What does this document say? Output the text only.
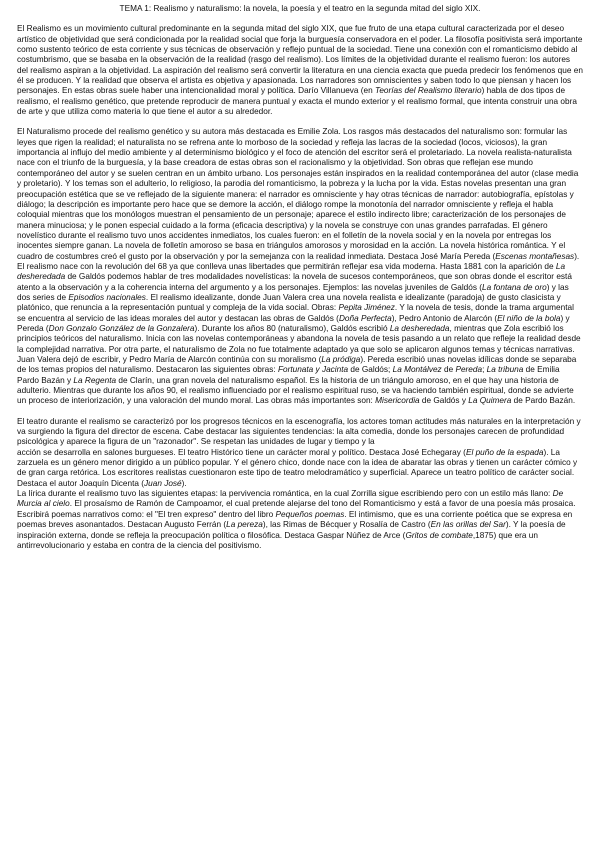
TEMA 1: Realismo y naturalismo: la novela, la poesía y el teatro en la segunda mitad del siglo XIX.
El Realismo es un movimiento cultural predominante en la segunda mitad del siglo XIX, que fue fruto de una etapa cultural caracterizada por el deseo artístico de objetividad que será condicionada por la realidad social que forja la burguesía conservadora en el poder. La filosofía positivista será importante como sustento teórico de esta corriente y sus técnicas de observación y reflejo puntual de la sociedad. Tiene una conexión con el romanticismo debido al costumbrismo, que se basaba en la observación de la realidad (rasgo del realismo). Los límites de la objetividad durante el realismo fueron: los autores del realismo aspiran a la objetividad. La aspiración del realismo será convertir la literatura en una ciencia exacta que pueda predecir los fenómenos que en él se producen. Y la realidad que observa el artista es objetiva y apasionada. Los narradores son omniscientes y saben todo lo que piensan y hacen los personajes. En estas obras suele haber una intencionalidad moral y política. Darío Villanueva (en Teorías del Realismo literario) habla de dos tipos de realismo, el realismo genético, que pretende reproducir de manera puntual y exacta el mundo exterior y el realismo formal, que intenta construir una obra de arte y que utiliza como materia lo que tiene el autor a su alrededor.
El Naturalismo procede del realismo genético y su autora más destacada es Emilie Zola. Los rasgos más destacados del naturalismo son: formular las leyes que rigen la realidad; el naturalista no se refrena ante lo morboso de la sociedad y refleja las lacras de la sociedad (locos, viciosos), la gran importancia al influjo del medio ambiente y al determinismo biológico y el foco de atención del escritor será el proletariado. La novela realista-naturalista nace con el triunfo de la burguesía, y la base creadora de estas obras son el racionalismo y la objetividad. Son obras que reflejan ese mundo contemporáneo del autor y se suelen centran en un ámbito urbano. Los personajes están inspirados en la realidad contemporánea del autor (clase media y proletario). Y los temas son el adulterio, lo religioso, la parodia del romanticismo, la pobreza y la lucha por la vida. Estas novelas presentan una gran preocupación estética que se ve reflejado de la siguiente manera: el narrador es omnisciente y hay otras técnicas de narrador: autobiografía, epístolas y diálogo; la descripción es importante pero hace que se demore la acción, el diálogo rompe la monotonía del narrador omnisciente y refleja el habla coloquial mientras que los monólogos muestran el pensamiento de un personaje; aparece el estilo indirecto libre; caracterización de los personajes de manera minuciosa; y le ponen especial cuidado a la forma (eficacia descriptiva) y la novela se construye con unas grandes parrafadas. El género novelístico durante el realismo tuvo unos accidentes inmediatos, los cuales fueron: en el folletín de la novela social y en la novela por entregas los inocentes siempre ganan. La novela de folletín amoroso se basa en triángulos amorosos y morosidad en la acción. La novela histórica romántica. Y el cuadro de costumbres creó el gusto por la observación y por la semejanza con la realidad inmediata. Destaca José María Pereda (Escenas montañesas). El realismo nace con la revolución del 68 ya que conlleva unas libertades que permitirán reflejar esa vida moderna. Hasta 1881 con la aparición de La desheredada de Galdós podemos hablar de tres modalidades novelísticas: la novela de sucesos contemporáneos, que son obras donde el escritor está atento a la observación y a la coherencia interna del argumento y a los personajes. Ejemplos: las novelas juveniles de Galdós (La fontana de oro) y las dos series de Episodios nacionales. El realismo idealizante, donde Juan Valera crea una novela realista e idealizante (paradoja) de gusto clasicista y platónico, que renuncia a la representación puntual y compleja de la vida social. Obras: Pepita Jiménez. Y la novela de tesis, donde la trama argumental se encuentra al servicio de las ideas morales del autor y destacan las obras de Galdós (Doña Perfecta), Pedro Antonio de Alarcón (El niño de la bola) y Pereda (Don Gonzalo González de la Gonzalera). Durante los años 80 (naturalismo), Galdós escribió La desheredada, mientras que Zola escribió los principios teóricos del naturalismo. Inicia con las novelas contemporáneas y abandona la novela de tesis pasando a un relato que refleje la realidad desde la complejidad narrativa. Por otra parte, el naturalismo de Zola no fue totalmente adaptado ya que solo se aplicaron algunos temas y técnicas narrativas. Juan Valera dejó de escribir, y Pedro María de Alarcón continúa con su moralismo (La pródiga). Pereda escribió unas novelas idílicas donde se separaba de los temas propios del naturalismo. Destacaron las siguientes obras: Fortunata y Jacinta de Galdós; La Montálvez de Pereda; La tribuna de Emilia Pardo Bazán y La Regenta de Clarín, una gran novela del naturalismo español. Es la historia de un triángulo amoroso, en el que hay una historia de adulterio. Mientras que durante los años 90, el realismo influenciado por el realismo espiritual ruso, se va haciendo también espiritual, donde se advierte un proceso de interiorización, y una valoración del mundo moral. Las obras más importantes son: Misericordia de Galdós y La Quimera de Pardo Bazán.
El teatro durante el realismo se caracterizó por los progresos técnicos en la escenografía, los actores toman actitudes más naturales en la interpretación y va surgiendo la figura del director de escena. Cabe destacar las siguientes tendencias: la alta comedia, donde los personajes carecen de profundidad psicológica y aparece la figura de un "razonador". Se respetan las unidades de lugar y tiempo y la
acción se desarrolla en salones burgueses. El teatro Histórico tiene un carácter moral y político. Destaca José Echegaray (El puño de la espada). La zarzuela es un género menor dirigido a un público popular. Y el género chico, donde nace con la idea de abaratar las obras y tienen un carácter cómico y de gran carga retórica. Los escritores realistas cuestionaron este tipo de teatro melodramático y superficial. Aparece un teatro político de carácter social. Destaca el autor Joaquín Dicenta (Juan José).
La lírica durante el realismo tuvo las siguientes etapas: la pervivencia romántica, en la cual Zorrilla sigue escribiendo pero con un estilo más llano: De Murcia al cielo. El prosaísmo de Ramón de Campoamor, el cual pretende alejarse del tono del Romanticismo y está a favor de una poesía más prosaica. Escribirá poemas narrativos como: el "El tren expreso" dentro del libro Pequeños poemas. El intimismo, que es una corriente poética que se expresa en poemas breves asonantados. Destacan Augusto Ferrán (La pereza), las Rimas de Bécquer y Rosalía de Castro (En las orillas del Sar). Y la poesía de inspiración externa, donde se refleja la preocupación política o filosófica. Destaca Gaspar Núñez de Arce (Gritos de combate,1875) que era un antirrevolucionario y estaba en contra de la ciencia del positivismo.
